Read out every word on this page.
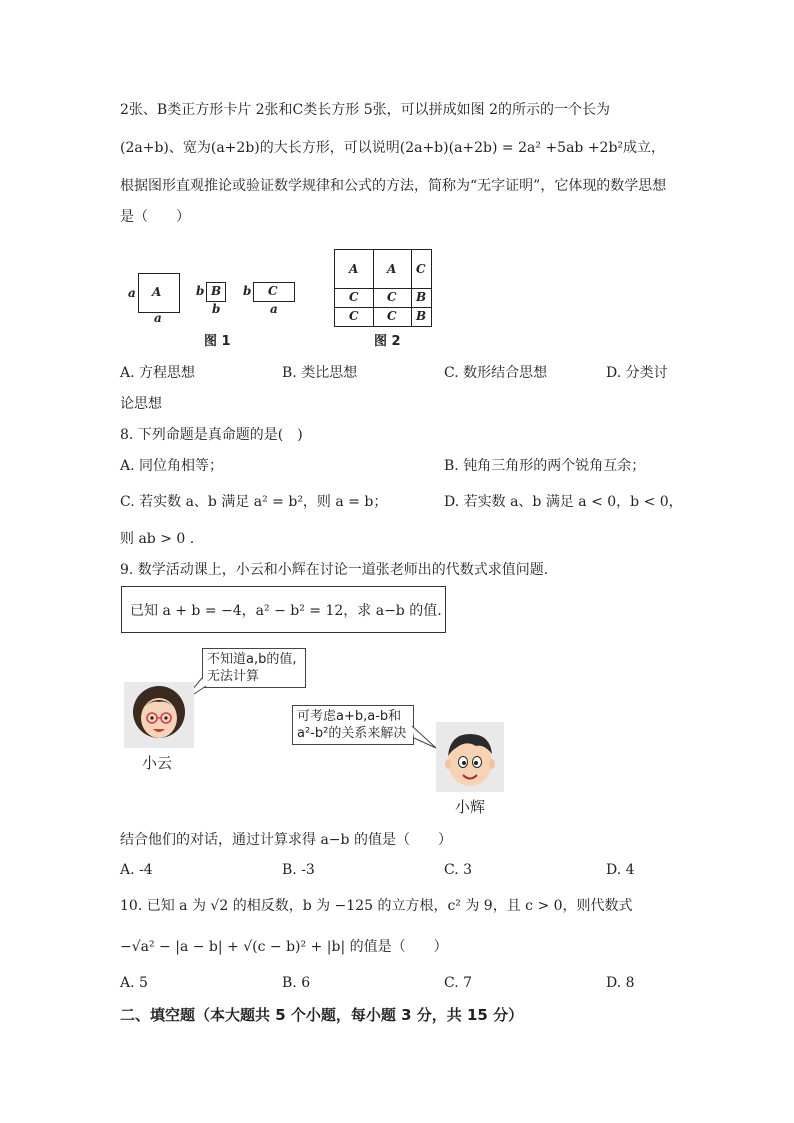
2张、B类正方形卡片 2张和C类长方形 5张，可以拼成如图 2的所示的一个长为
(2a+b)、宽为(a+2b)的大长方形，可以说明(2a+b)(a+2b) = 2a² +5ab +2b²成立，
根据图形直观推论或验证数学规律和公式的方法，简称为“无字证明”，它体现的数学思想
是（　　）
a A
a
b B
b
b C
a
图 1
A A C
C C B
C C B
图 2
A. 方程思想	B. 类比思想	C. 数形结合思想	D. 分类讨
论思想
8. 下列命题是真命题的是(　)
A. 同位角相等；	B. 钝角三角形的两个锐角互余；
C. 若实数 a、b 满足 a² = b²，则 a = b；	D. 若实数 a、b 满足 a < 0，b < 0，
则 ab > 0 .
9. 数学活动课上，小云和小辉在讨论一道张老师出的代数式求值问题.
已知 a + b = −4，a² − b² = 12，求 a−b 的值.
不知道a,b的值,
无法计算
小云
可考虑a+b,a-b和
a²-b²的关系来解决
小辉
结合他们的对话，通过计算求得 a−b 的值是（　　）
A. -4	B. -3	C. 3	D. 4
10. 已知 a 为 √2 的相反数，b 为 −125 的立方根，c² 为 9，且 c > 0，则代数式
−√a² − |a − b| + √(c − b)² + |b| 的值是（　　）
A. 5	B. 6	C. 7	D. 8
二、填空题（本大题共 5 个小题，每小题 3 分，共 15 分）
